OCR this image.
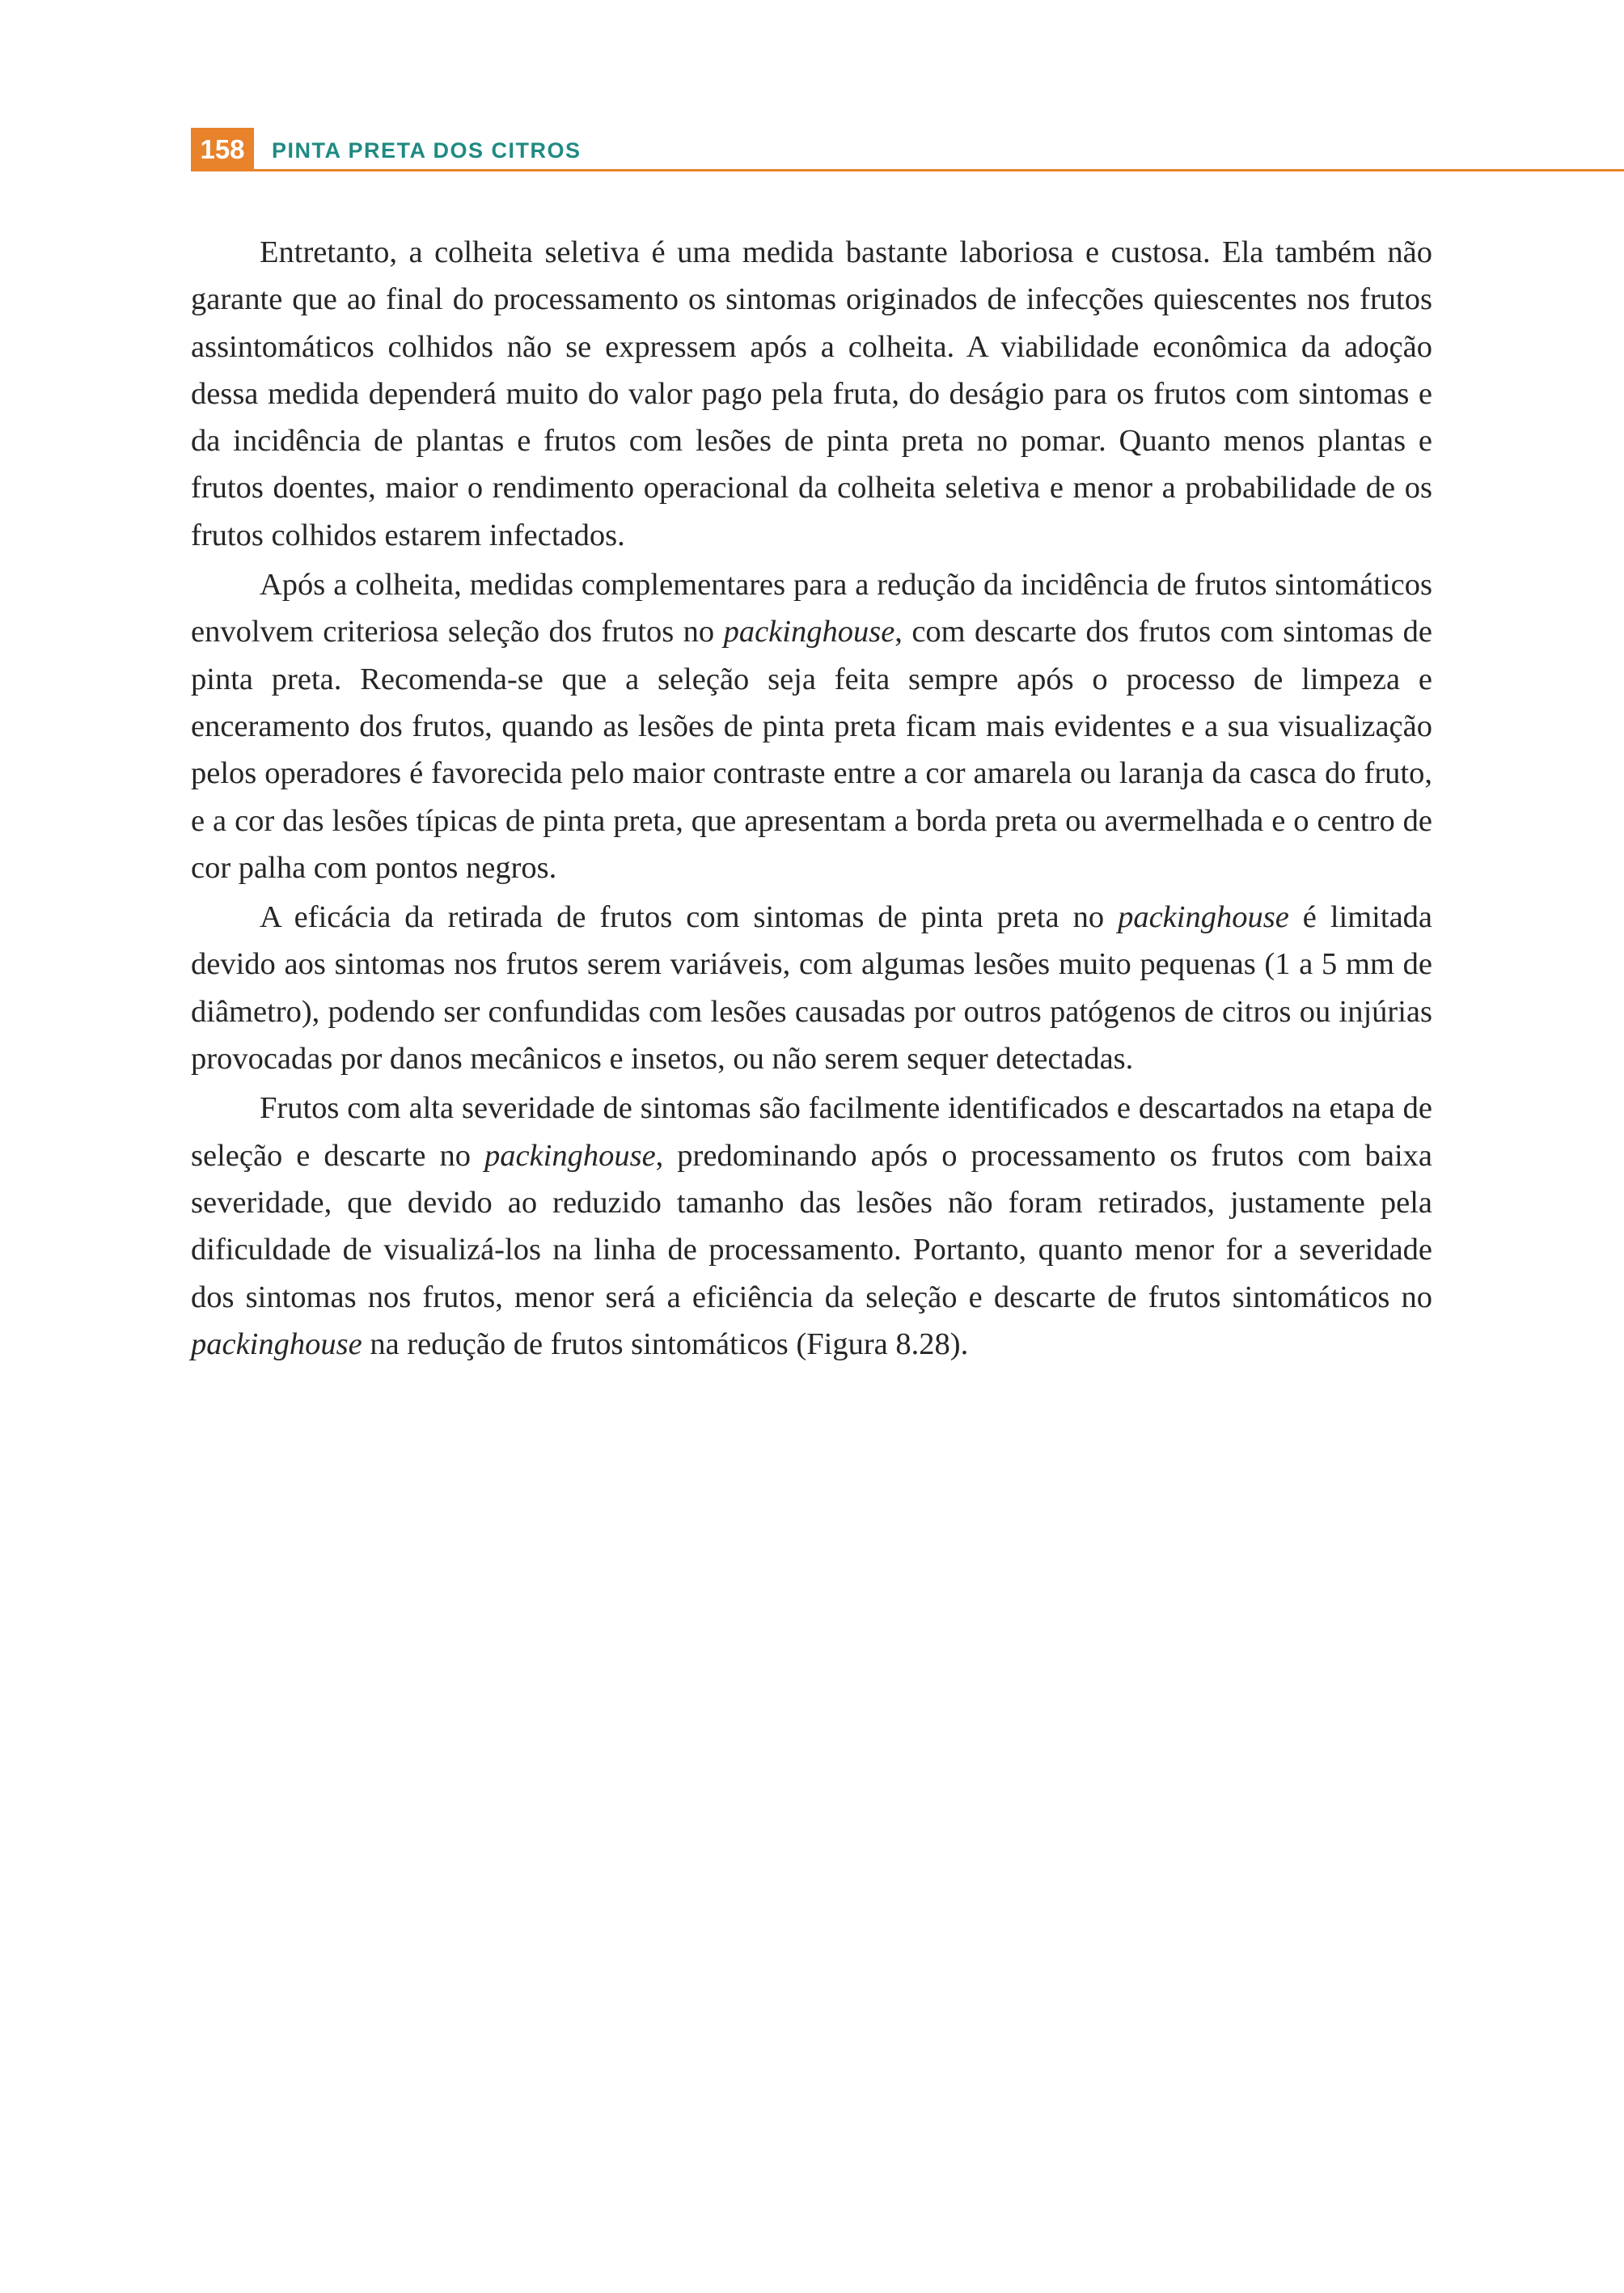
158	PINTA PRETA DOS CITROS

Entretanto, a colheita seletiva é uma medida bastante laboriosa e custosa. Ela também não garante que ao final do processamento os sintomas originados de infecções quiescentes nos frutos assintomáticos colhidos não se expressem após a colheita. A viabilidade econômica da adoção dessa medida dependerá muito do valor pago pela fruta, do deságio para os frutos com sintomas e da incidência de plantas e frutos com lesões de pinta preta no pomar. Quanto menos plantas e frutos doentes, maior o rendimento operacional da colheita seletiva e menor a probabilidade de os frutos colhidos estarem infectados.

Após a colheita, medidas complementares para a redução da incidência de frutos sintomáticos envolvem criteriosa seleção dos frutos no packinghouse, com descarte dos frutos com sintomas de pinta preta. Recomenda-se que a seleção seja feita sempre após o processo de limpeza e enceramento dos frutos, quando as lesões de pinta preta ficam mais evidentes e a sua visualização pelos operadores é favorecida pelo maior contraste entre a cor amarela ou laranja da casca do fruto, e a cor das lesões típicas de pinta preta, que apresentam a borda preta ou avermelhada e o centro de cor palha com pontos negros.

A eficácia da retirada de frutos com sintomas de pinta preta no packinghouse é limitada devido aos sintomas nos frutos serem variáveis, com algumas lesões muito pequenas (1 a 5 mm de diâmetro), podendo ser confundidas com lesões causadas por outros patógenos de citros ou injúrias provocadas por danos mecânicos e insetos, ou não serem sequer detectadas.

Frutos com alta severidade de sintomas são facilmente identificados e descartados na etapa de seleção e descarte no packinghouse, predominando após o processamento os frutos com baixa severidade, que devido ao reduzido tamanho das lesões não foram retirados, justamente pela dificuldade de visualizá-los na linha de processamento. Portanto, quanto menor for a severidade dos sintomas nos frutos, menor será a eficiência da seleção e descarte de frutos sintomáticos no packinghouse na redução de frutos sintomáticos (Figura 8.28).
